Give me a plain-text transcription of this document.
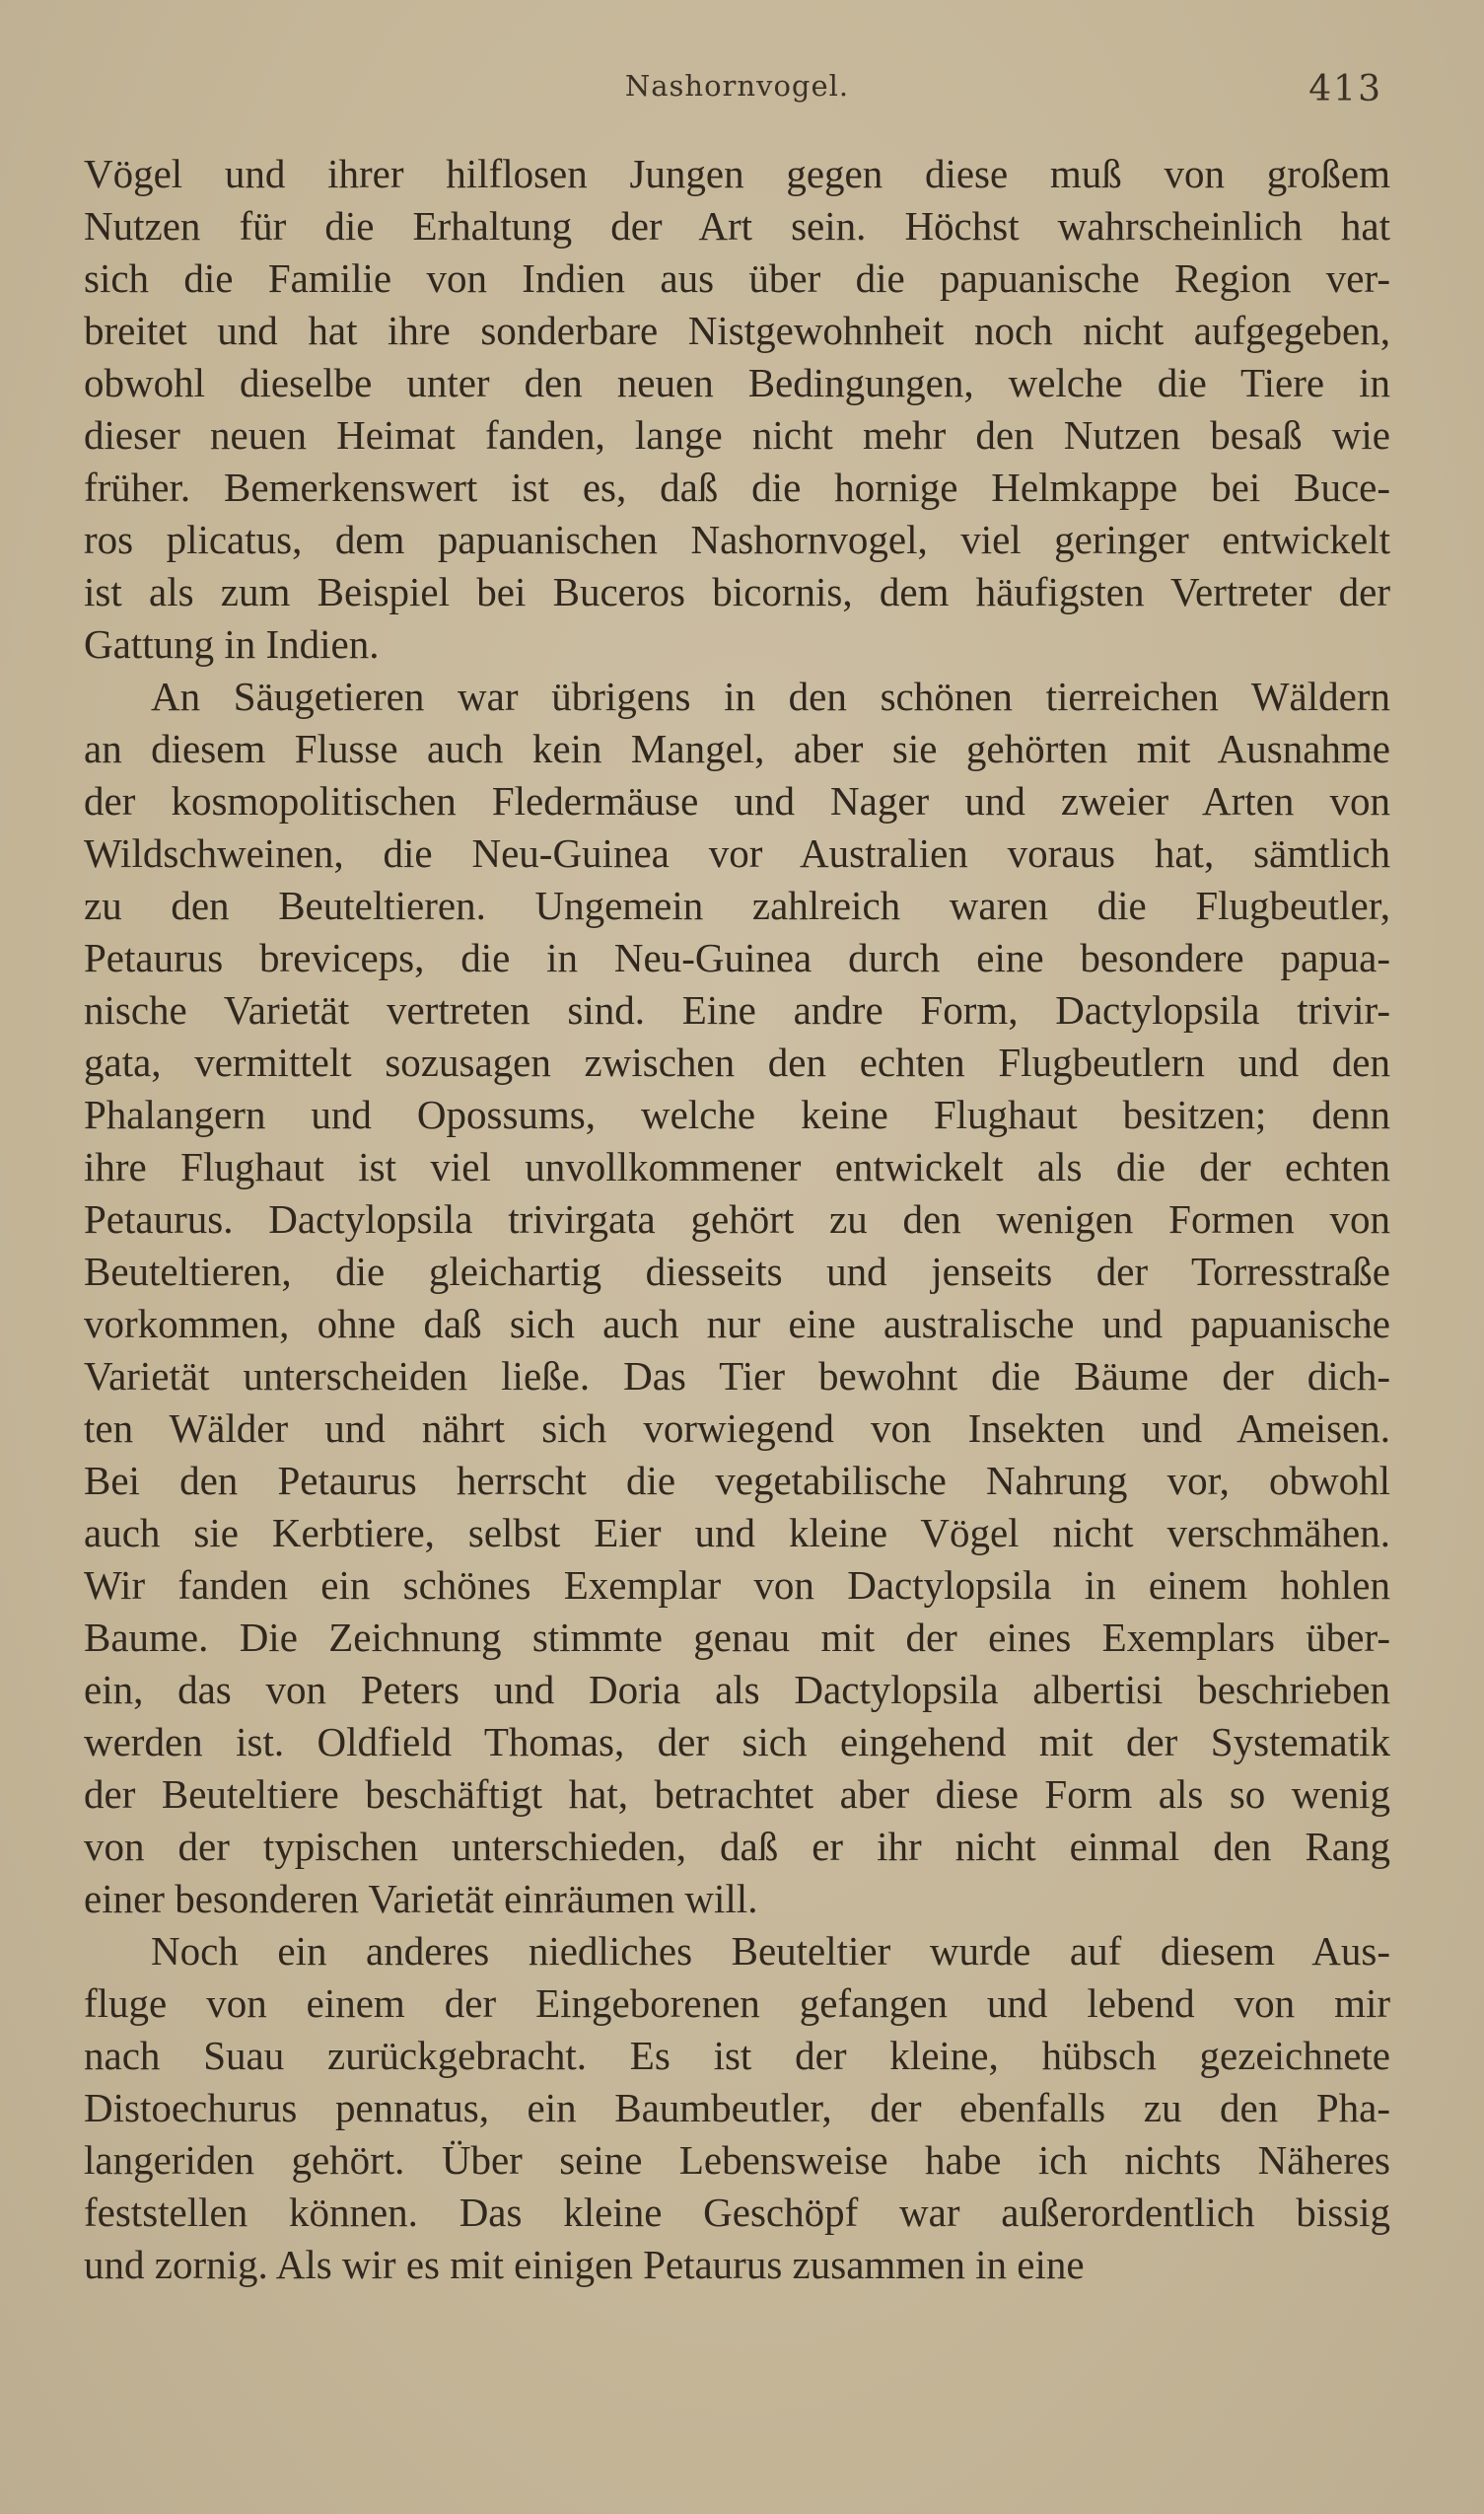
Nashornvogel.	413

Vögel und ihrer hilflosen Jungen gegen diese muß von großem
Nutzen für die Erhaltung der Art sein. Höchst wahrscheinlich hat
sich die Familie von Indien aus über die papuanische Region ver-
breitet und hat ihre sonderbare Nistgewohnheit noch nicht aufgegeben,
obwohl dieselbe unter den neuen Bedingungen, welche die Tiere in
dieser neuen Heimat fanden, lange nicht mehr den Nutzen besaß wie
früher. Bemerkenswert ist es, daß die hornige Helmkappe bei Buce-
ros plicatus, dem papuanischen Nashornvogel, viel geringer entwickelt
ist als zum Beispiel bei Buceros bicornis, dem häufigsten Vertreter der
Gattung in Indien.

An Säugetieren war übrigens in den schönen tierreichen Wäldern
an diesem Flusse auch kein Mangel, aber sie gehörten mit Ausnahme
der kosmopolitischen Fledermäuse und Nager und zweier Arten von
Wildschweinen, die Neu-Guinea vor Australien voraus hat, sämtlich
zu den Beuteltieren. Ungemein zahlreich waren die Flugbeutler,
Petaurus breviceps, die in Neu-Guinea durch eine besondere papua-
nische Varietät vertreten sind. Eine andre Form, Dactylopsila trivir-
gata, vermittelt sozusagen zwischen den echten Flugbeutlern und den
Phalangern und Opossums, welche keine Flughaut besitzen; denn
ihre Flughaut ist viel unvollkommener entwickelt als die der echten
Petaurus. Dactylopsila trivirgata gehört zu den wenigen Formen von
Beuteltieren, die gleichartig diesseits und jenseits der Torresstraße
vorkommen, ohne daß sich auch nur eine australische und papuanische
Varietät unterscheiden ließe. Das Tier bewohnt die Bäume der dich-
ten Wälder und nährt sich vorwiegend von Insekten und Ameisen.
Bei den Petaurus herrscht die vegetabilische Nahrung vor, obwohl
auch sie Kerbtiere, selbst Eier und kleine Vögel nicht verschmähen.
Wir fanden ein schönes Exemplar von Dactylopsila in einem hohlen
Baume. Die Zeichnung stimmte genau mit der eines Exemplars über-
ein, das von Peters und Doria als Dactylopsila albertisi beschrieben
werden ist. Oldfield Thomas, der sich eingehend mit der Systematik
der Beuteltiere beschäftigt hat, betrachtet aber diese Form als so wenig
von der typischen unterschieden, daß er ihr nicht einmal den Rang
einer besonderen Varietät einräumen will.

Noch ein anderes niedliches Beuteltier wurde auf diesem Aus-
fluge von einem der Eingeborenen gefangen und lebend von mir
nach Suau zurückgebracht. Es ist der kleine, hübsch gezeichnete
Distoechurus pennatus, ein Baumbeutler, der ebenfalls zu den Pha-
langeriden gehört. Über seine Lebensweise habe ich nichts Näheres
feststellen können. Das kleine Geschöpf war außerordentlich bissig
und zornig. Als wir es mit einigen Petaurus zusammen in eine
